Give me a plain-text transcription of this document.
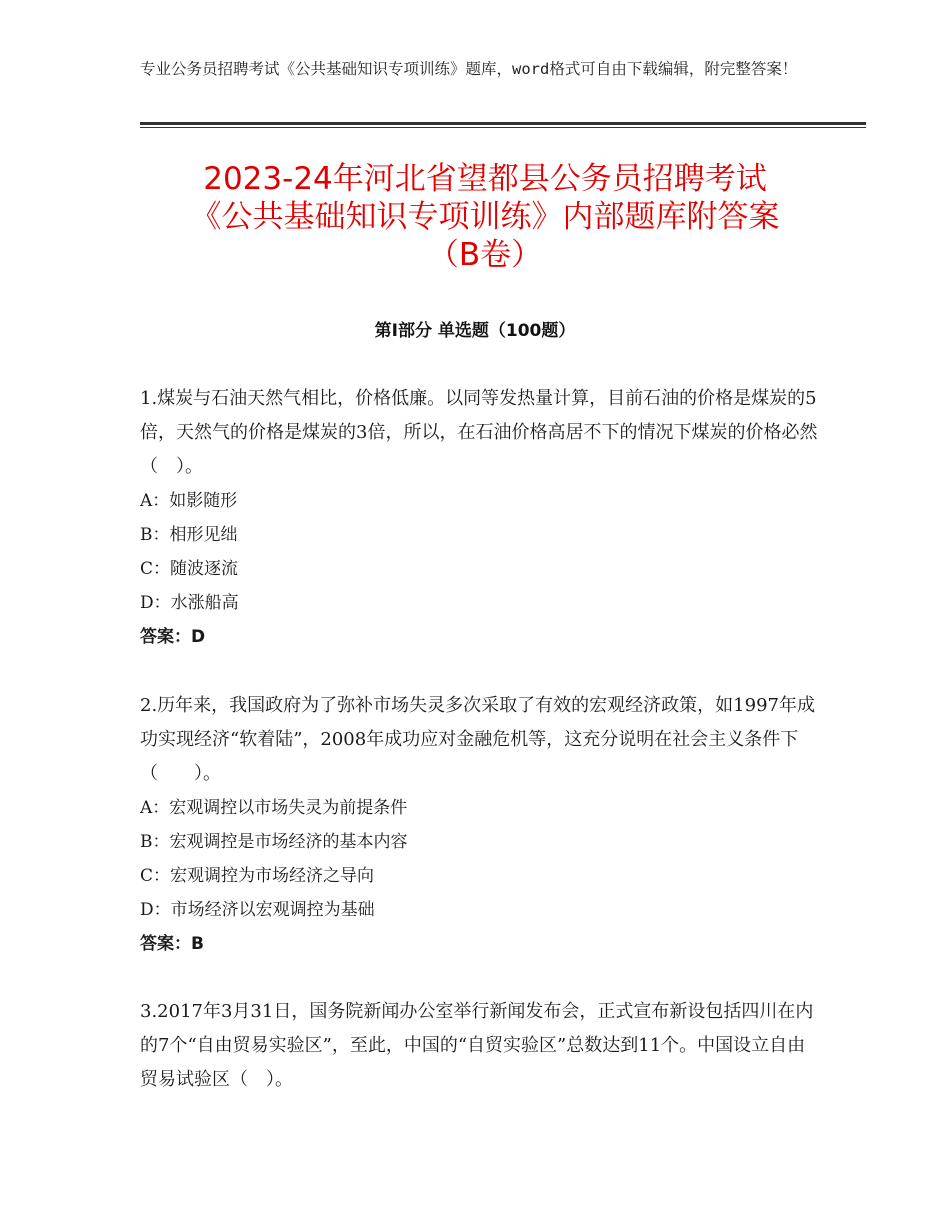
专业公务员招聘考试《公共基础知识专项训练》题库，word格式可自由下载编辑，附完整答案！
2023-24年河北省望都县公务员招聘考试
《公共基础知识专项训练》内部题库附答案
（B卷）
第Ⅰ部分 单选题（100题）

1.煤炭与石油天然气相比，价格低廉。以同等发热量计算，目前石油的价格是煤炭的5倍，天然气的价格是煤炭的3倍，所以，在石油价格高居不下的情况下煤炭的价格必然（　）。

A：如影随形

B：相形见绌

C：随波逐流

D：水涨船高

答案：D

2.历年来，我国政府为了弥补市场失灵多次采取了有效的宏观经济政策，如1997年成功实现经济“软着陆”，2008年成功应对金融危机等，这充分说明在社会主义条件下（　　）。

A：宏观调控以市场失灵为前提条件

B：宏观调控是市场经济的基本内容

C：宏观调控为市场经济之导向

D：市场经济以宏观调控为基础

答案：B

3.2017年3月31日，国务院新闻办公室举行新闻发布会，正式宣布新设包括四川在内的7个“自由贸易实验区”，至此，中国的“自贸实验区”总数达到11个。中国设立自由贸易试验区（　）。
